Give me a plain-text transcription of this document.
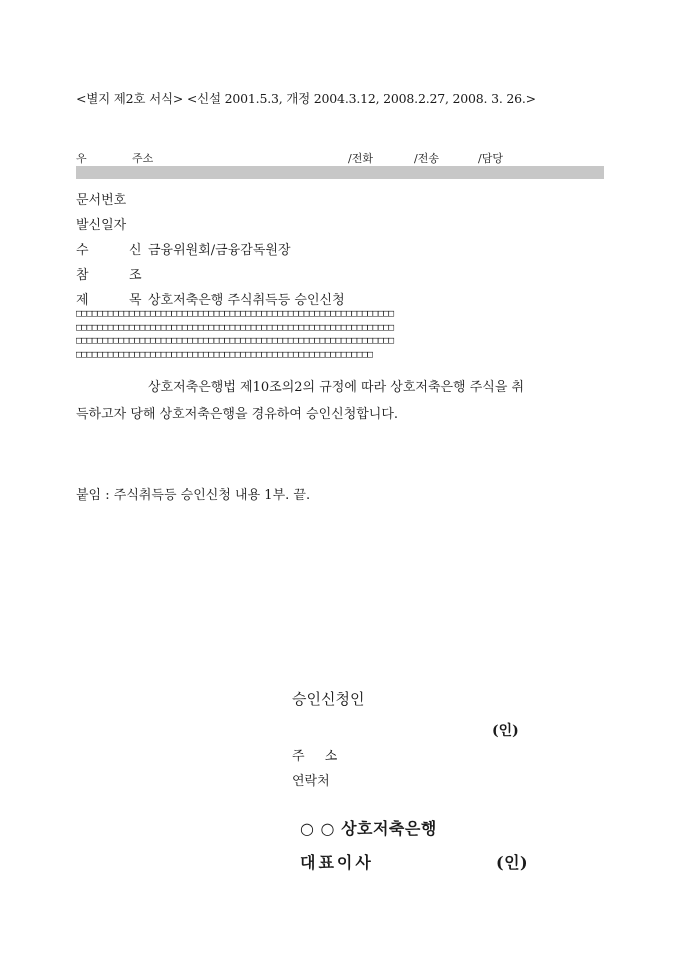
<별지 제2호 서식> <신설 2001.5.3, 개정 2004.3.12, 2008.2.27, 2008. 3. 26.>
우	주소	/전화	/전송	/담당
문서번호
발신일자
수	신 금융위원회/금융감독원장
참	조
제	목 상호저축은행 주식취득등 승인신청
□□□□□□□□□□□□□□□□□□□□□□□□□□□□□□□□□□□□□□□□□□□□□□□□□□□□□□□□□□□□
□□□□□□□□□□□□□□□□□□□□□□□□□□□□□□□□□□□□□□□□□□□□□□□□□□□□□□□□□□□□
□□□□□□□□□□□□□□□□□□□□□□□□□□□□□□□□□□□□□□□□□□□□□□□□□□□□□□□□□□□□
□□□□□□□□□□□□□□□□□□□□□□□□□□□□□□□□□□□□□□□□□□□□□□□□□□□□□□□□
상호저축은행법 제10조의2의 규정에 따라 상호저축은행 주식을 취
득하고자 당해 상호저축은행을 경유하여 승인신청합니다.
붙임 : 주식취득등 승인신청 내용 1부. 끝.
승인신청인
(인)
주 소
연락처
○ ○ 상호저축은행
대표이사	(인)
